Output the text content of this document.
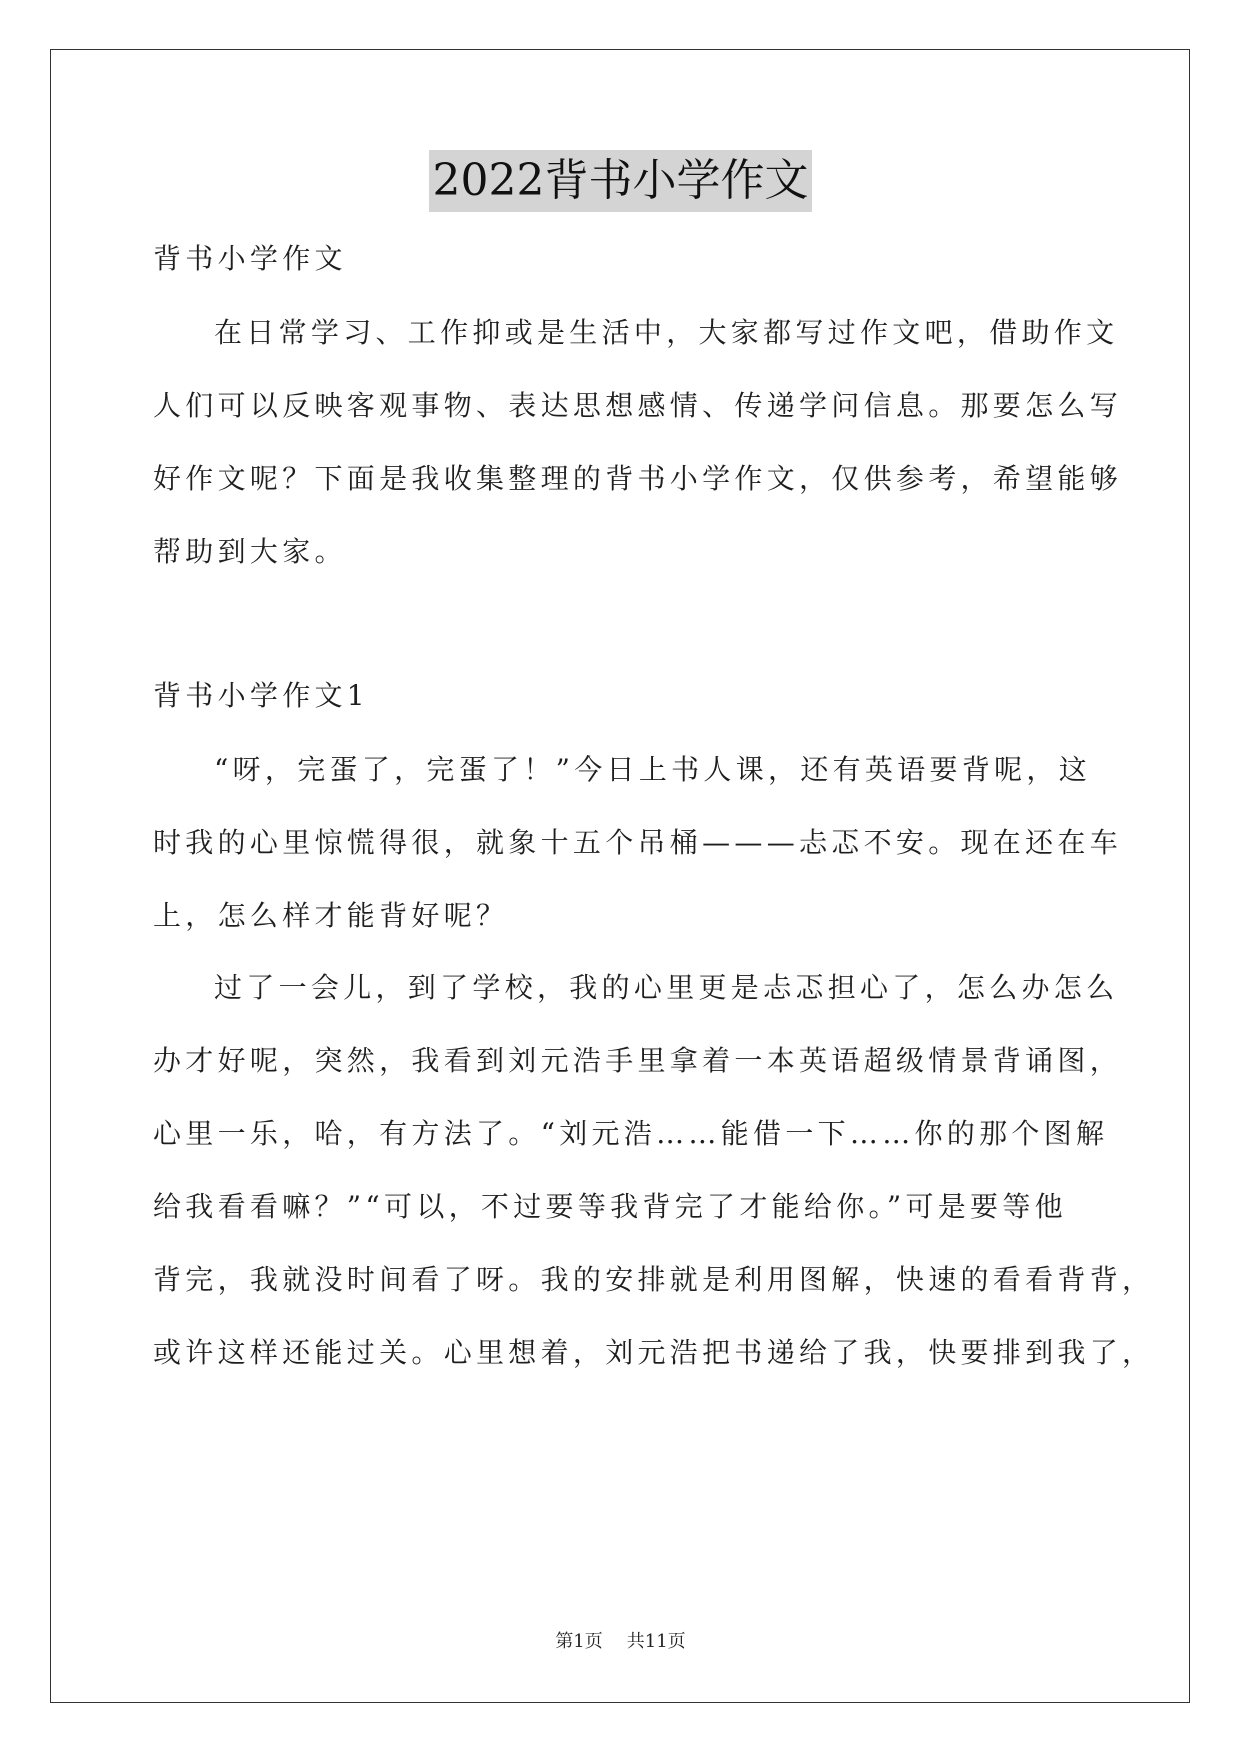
2022背书小学作文
背书小学作文
在日常学习、工作抑或是生活中，大家都写过作文吧，借助作文
人们可以反映客观事物、表达思想感情、传递学问信息。那要怎么写
好作文呢？下面是我收集整理的背书小学作文，仅供参考，希望能够
帮助到大家。
背书小学作文1
“呀，完蛋了，完蛋了！”今日上书人课，还有英语要背呢，这
时我的心里惊慌得很，就象十五个吊桶———忐忑不安。现在还在车
上，怎么样才能背好呢？
过了一会儿，到了学校，我的心里更是忐忑担心了，怎么办怎么
办才好呢，突然，我看到刘元浩手里拿着一本英语超级情景背诵图，
心里一乐，哈，有方法了。“刘元浩……能借一下……你的那个图解
给我看看嘛？”“可以，不过要等我背完了才能给你。”可是要等他
背完，我就没时间看了呀。我的安排就是利用图解，快速的看看背背，
或许这样还能过关。心里想着，刘元浩把书递给了我，快要排到我了，
第1页 共11页
